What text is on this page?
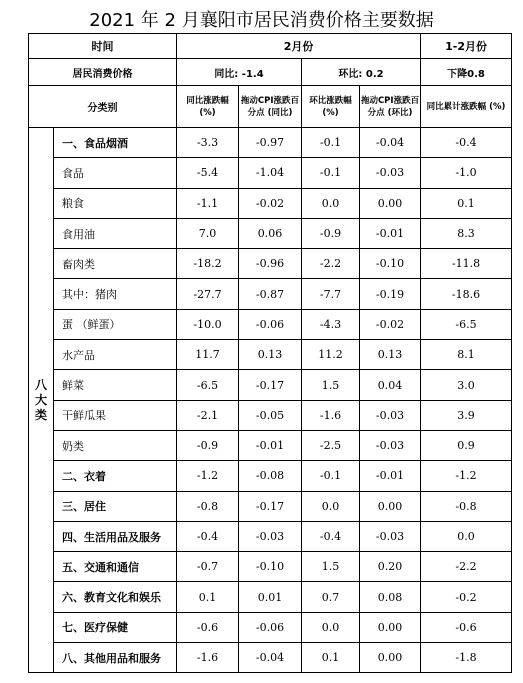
2021 年 2 月襄阳市居民消费价格主要数据
时间		2月份				1-2月份
居民消费价格		同比: -1.4		环比: 0.2		下降0.8
分类别		同比涨跌幅 (%)	拖动CPI涨跌百分点 (同比)	环比涨跌幅(%)	拖动CPI涨跌百分点 (环比)	同比累计涨跌幅 (%)

八
大
类	一、食品烟酒	-3.3	-0.97	-0.1	-0.04	-0.4
	食品	-5.4	-1.04	-0.1	-0.03	-1.0
	粮食	-1.1	-0.02	0.0	0.00	0.1
	食用油	7.0	0.06	-0.9	-0.01	8.3
	畜肉类	-18.2	-0.96	-2.2	-0.10	-11.8
	其中：猪肉	-27.7	-0.87	-7.7	-0.19	-18.6
	蛋 （鲜蛋）	-10.0	-0.06	-4.3	-0.02	-6.5
	水产品	11.7	0.13	11.2	0.13	8.1
	鲜菜	-6.5	-0.17	1.5	0.04	3.0
	干鲜瓜果	-2.1	-0.05	-1.6	-0.03	3.9
	奶类	-0.9	-0.01	-2.5	-0.03	0.9
	二、衣着	-1.2	-0.08	-0.1	-0.01	-1.2
	三、居住	-0.8	-0.17	0.0	0.00	-0.8
	四、生活用品及服务	-0.4	-0.03	-0.4	-0.03	0.0
	五、交通和通信	-0.7	-0.10	1.5	0.20	-2.2
	六、教育文化和娱乐	0.1	0.01	0.7	0.08	-0.2
	七、医疗保健	-0.6	-0.06	0.0	0.00	-0.6
	八、其他用品和服务	-1.6	-0.04	0.1	0.00	-1.8
